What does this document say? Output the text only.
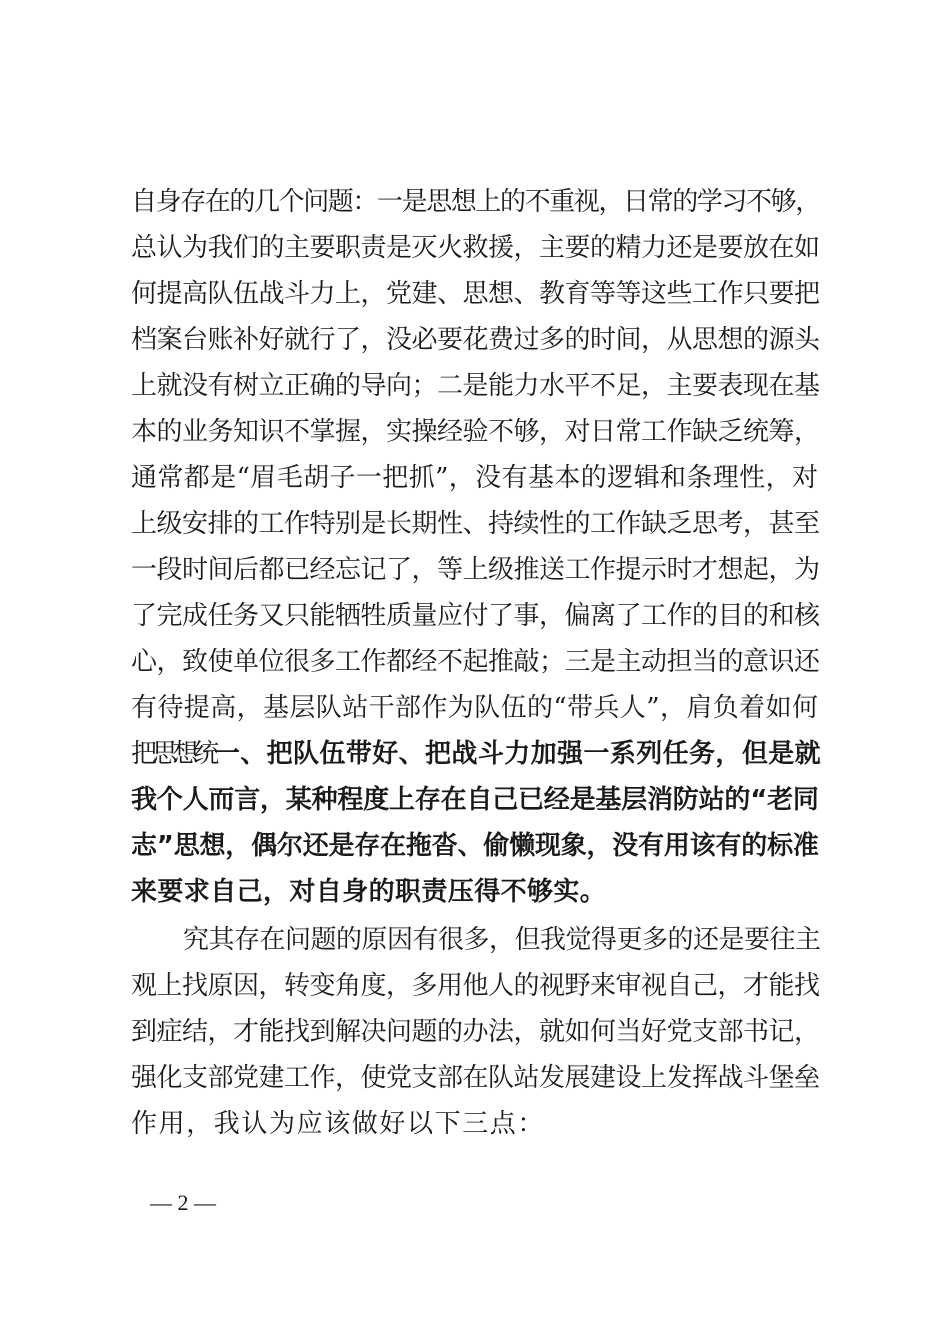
自身存在的几个问题：一是思想上的不重视，日常的学习不够，
总认为我们的主要职责是灭火救援，主要的精力还是要放在如
何提高队伍战斗力上，党建、思想、教育等等这些工作只要把
档案台账补好就行了，没必要花费过多的时间，从思想的源头
上就没有树立正确的导向；二是能力水平不足，主要表现在基
本的业务知识不掌握，实操经验不够，对日常工作缺乏统筹，
通常都是“眉毛胡子一把抓”，没有基本的逻辑和条理性，对
上级安排的工作特别是长期性、持续性的工作缺乏思考，甚至
一段时间后都已经忘记了，等上级推送工作提示时才想起，为
了完成任务又只能牺牲质量应付了事，偏离了工作的目的和核
心，致使单位很多工作都经不起推敲；三是主动担当的意识还
有待提高，基层队站干部作为队伍的“带兵人”，肩负着如何
把思想统一、把队伍带好、把战斗力加强一系列任务，但是就
我个人而言，某种程度上存在自己已经是基层消防站的“老同
志”思想，偶尔还是存在拖沓、偷懒现象，没有用该有的标准
来要求自己，对自身的职责压得不够实。
究其存在问题的原因有很多，但我觉得更多的还是要往主
观上找原因，转变角度，多用他人的视野来审视自己，才能找
到症结，才能找到解决问题的办法，就如何当好党支部书记，
强化支部党建工作，使党支部在队站发展建设上发挥战斗堡垒
作用，我认为应该做好以下三点：
— 2 —
